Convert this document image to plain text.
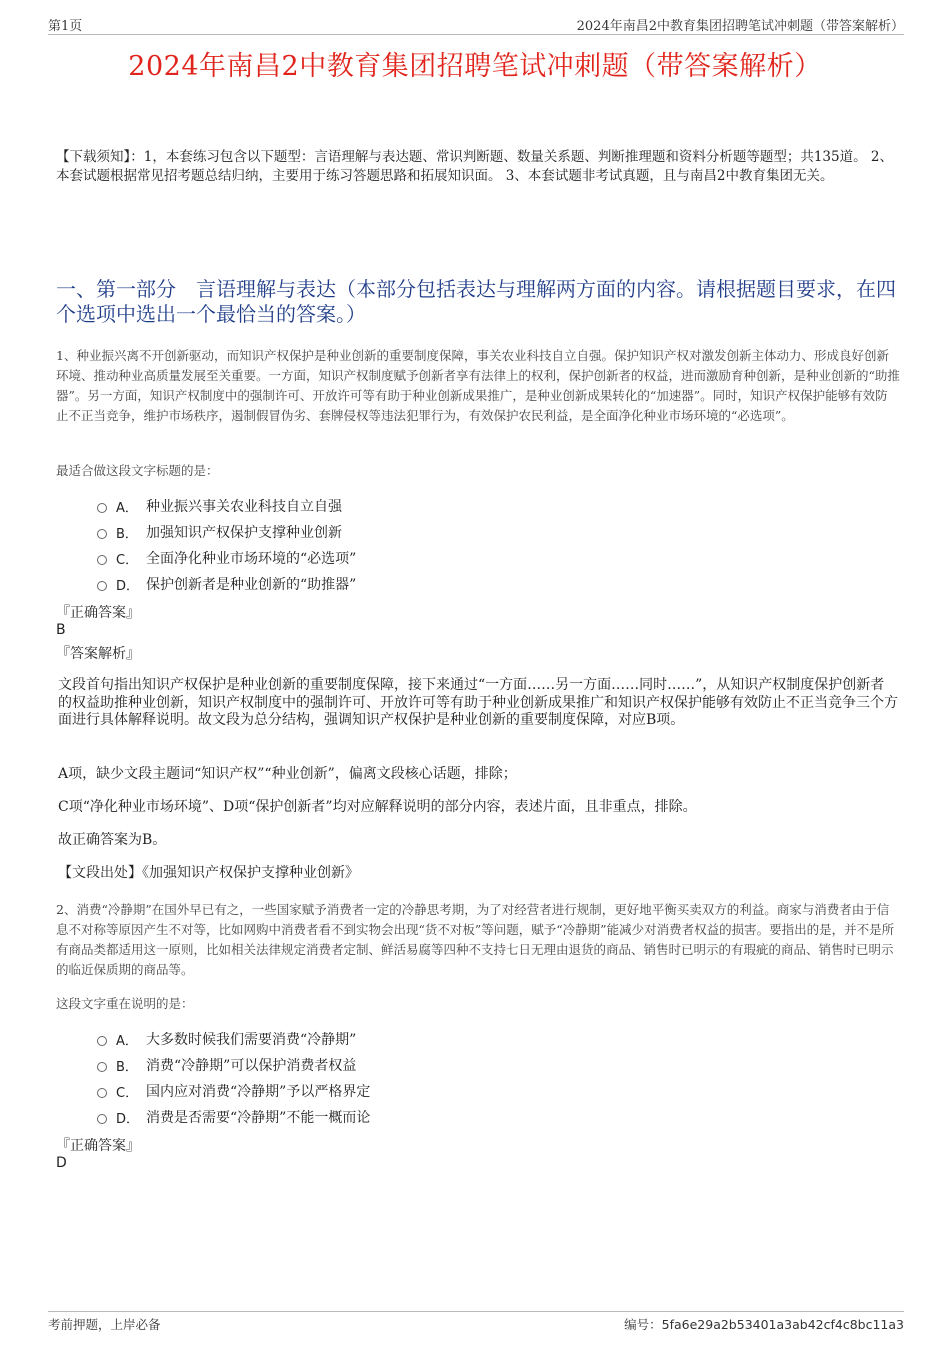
第1页	2024年南昌2中教育集团招聘笔试冲刺题（带答案解析）
2024年南昌2中教育集团招聘笔试冲刺题（带答案解析）
【下载须知】：1，本套练习包含以下题型：言语理解与表达题、常识判断题、数量关系题、判断推理题和资料分析题等题型；共135道。 2、本套试题根据常见招考题总结归纳，主要用于练习答题思路和拓展知识面。 3、本套试题非考试真题，且与南昌2中教育集团无关。
一、第一部分　言语理解与表达（本部分包括表达与理解两方面的内容。请根据题目要求，在四个选项中选出一个最恰当的答案。）
1、种业振兴离不开创新驱动，而知识产权保护是种业创新的重要制度保障，事关农业科技自立自强。保护知识产权对激发创新主体动力、形成良好创新环境、推动种业高质量发展至关重要。一方面，知识产权制度赋予创新者享有法律上的权利，保护创新者的权益，进而激励育种创新，是种业创新的“助推器”。另一方面，知识产权制度中的强制许可、开放许可等有助于种业创新成果推广，是种业创新成果转化的“加速器”。同时，知识产权保护能够有效防止不正当竞争，维护市场秩序，遏制假冒伪劣、套牌侵权等违法犯罪行为，有效保护农民利益，是全面净化种业市场环境的“必选项”。
最适合做这段文字标题的是：
A． 种业振兴事关农业科技自立自强
B． 加强知识产权保护支撑种业创新
C． 全面净化种业市场环境的“必选项”
D． 保护创新者是种业创新的“助推器”
『正确答案』
B
『答案解析』
文段首句指出知识产权保护是种业创新的重要制度保障，接下来通过“一方面……另一方面……同时……”，从知识产权制度保护创新者的权益助推种业创新，知识产权制度中的强制许可、开放许可等有助于种业创新成果推广和知识产权保护能够有效防止不正当竞争三个方面进行具体解释说明。故文段为总分结构，强调知识产权保护是种业创新的重要制度保障，对应B项。
A项，缺少文段主题词“知识产权”“种业创新”，偏离文段核心话题，排除；
C项“净化种业市场环境”、D项“保护创新者”均对应解释说明的部分内容，表述片面，且非重点，排除。
故正确答案为B。
【文段出处】《加强知识产权保护支撑种业创新》
2、消费“冷静期”在国外早已有之，一些国家赋予消费者一定的冷静思考期，为了对经营者进行规制，更好地平衡买卖双方的利益。商家与消费者由于信息不对称等原因产生不对等，比如网购中消费者看不到实物会出现“货不对板”等问题，赋予“冷静期”能减少对消费者权益的损害。要指出的是，并不是所有商品类都适用这一原则，比如相关法律规定消费者定制、鲜活易腐等四种不支持七日无理由退货的商品、销售时已明示的有瑕疵的商品、销售时已明示的临近保质期的商品等。
这段文字重在说明的是：
A． 大多数时候我们需要消费“冷静期”
B． 消费“冷静期”可以保护消费者权益
C． 国内应对消费“冷静期”予以严格界定
D． 消费是否需要“冷静期”不能一概而论
『正确答案』
D
考前押题，上岸必备	编号：5fa6e29a2b53401a3ab42cf4c8bc11a3
